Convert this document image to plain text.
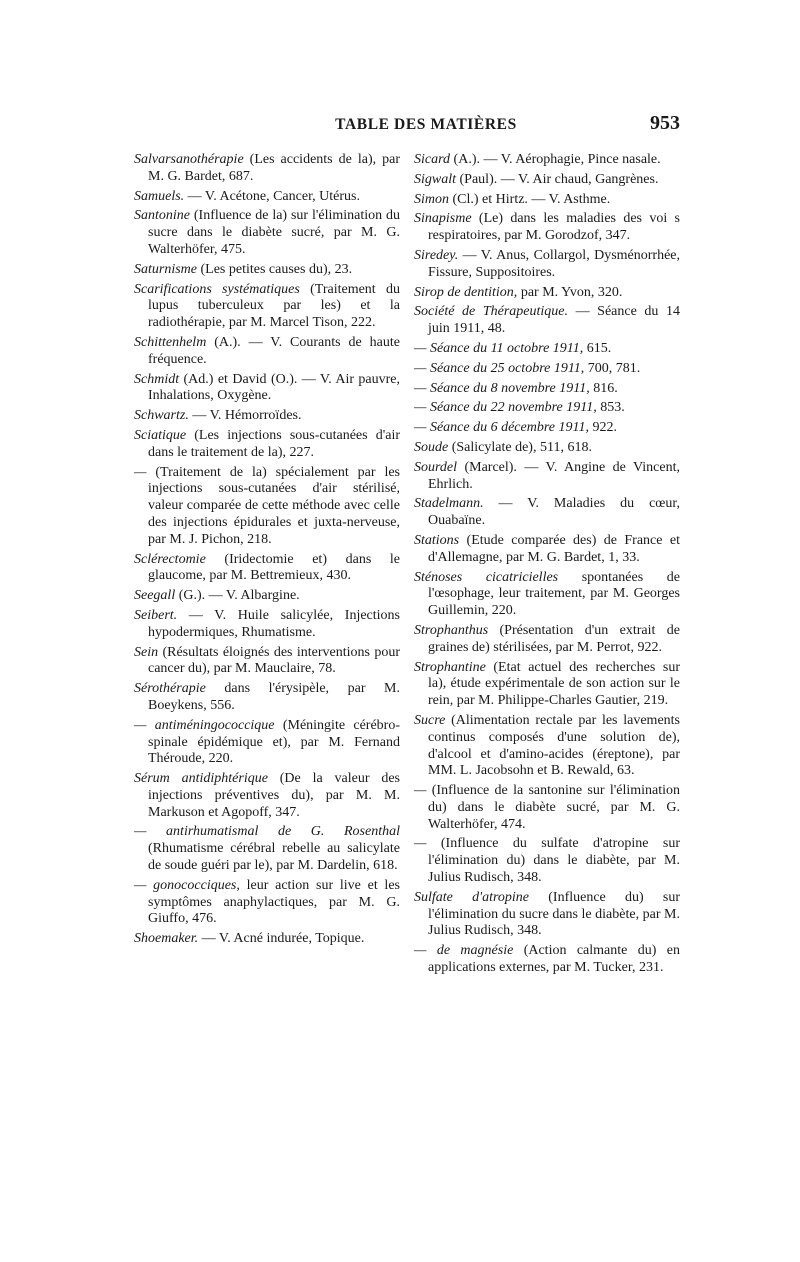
TABLE DES MATIÈRES	953

Salvarsanothérapie (Les accidents de la), par M. G. Bardet, 687.

Samuels. — V. Acétone, Cancer, Utérus.

Santonine (Influence de la) sur l'élimination du sucre dans le diabète sucré, par M. G. Walterhöfer, 475.

Saturnisme (Les petites causes du), 23.

Scarifications systématiques (Traitement du lupus tuberculeux par les) et la radiothérapie, par M. Marcel Tison, 222.

Schittenhelm (A.). — V. Courants de haute fréquence.

Schmidt (Ad.) et David (O.). — V. Air pauvre, Inhalations, Oxygène.

Schwartz. — V. Hémorroïdes.

Sciatique (Les injections sous-cutanées d'air dans le traitement de la), 227.

— (Traitement de la) spécialement par les injections sous-cutanées d'air stérilisé, valeur comparée de cette méthode avec celle des injections épidurales et juxta-nerveuse, par M. J. Pichon, 218.

Sclérectomie (Iridectomie et) dans le glaucome, par M. Bettremieux, 430.

Seegall (G.). — V. Albargine.

Seibert. — V. Huile salicylée, Injections hypodermiques, Rhumatisme.

Sein (Résultats éloignés des interventions pour cancer du), par M. Mauclaire, 78.

Sérothérapie dans l'érysipèle, par M. Boeykens, 556.

— antiméningococcique (Méningite cérébro-spinale épidémique et), par M. Fernand Théroude, 220.

Sérum antidiphtérique (De la valeur des injections préventives du), par M. M. Markuson et Agopoff, 347.

— antirhumatismal de G. Rosenthal (Rhumatisme cérébral rebelle au salicylate de soude guéri par le), par M. Dardelin, 618.

— gonococciques, leur action sur live et les symptômes anaphylactiques, par M. G. Giuffo, 476.

Shoemaker. — V. Acné indurée, Topique.

Sicard (A.). — V. Aérophagie, Pince nasale.

Sigwalt (Paul). — V. Air chaud, Gangrènes.

Simon (Cl.) et Hirtz. — V. Asthme.

Sinapisme (Le) dans les maladies des voi s respiratoires, par M. Gorodzof, 347.

Siredey. — V. Anus, Collargol, Dysménorrhée, Fissure, Suppositoires.

Sirop de dentition, par M. Yvon, 320.

Société de Thérapeutique. — Séance du 14 juin 1911, 48.

— Séance du 11 octobre 1911, 615.

— Séance du 25 octobre 1911, 700, 781.

— Séance du 8 novembre 1911, 816.

— Séance du 22 novembre 1911, 853.

— Séance du 6 décembre 1911, 922.

Soude (Salicylate de), 511, 618.

Sourdel (Marcel). — V. Angine de Vincent, Ehrlich.

Stadelmann. — V. Maladies du cœur, Ouabaïne.

Stations (Etude comparée des) de France et d'Allemagne, par M. G. Bardet, 1, 33.

Sténoses cicatricielles spontanées de l'œsophage, leur traitement, par M. Georges Guillemin, 220.

Strophanthus (Présentation d'un extrait de graines de) stérilisées, par M. Perrot, 922.

Strophantine (Etat actuel des recherches sur la), étude expérimentale de son action sur le rein, par M. Philippe-Charles Gautier, 219.

Sucre (Alimentation rectale par les lavements continus composés d'une solution de), d'alcool et d'amino-acides (éreptone), par MM. L. Jacobsohn et B. Rewald, 63.

— (Influence de la santonine sur l'élimination du) dans le diabète sucré, par M. G. Walterhöfer, 474.

— (Influence du sulfate d'atropine sur l'élimination du) dans le diabète, par M. Julius Rudisch, 348.

Sulfate d'atropine (Influence du) sur l'élimination du sucre dans le diabète, par M. Julius Rudisch, 348.

— de magnésie (Action calmante du) en applications externes, par M. Tucker, 231.
